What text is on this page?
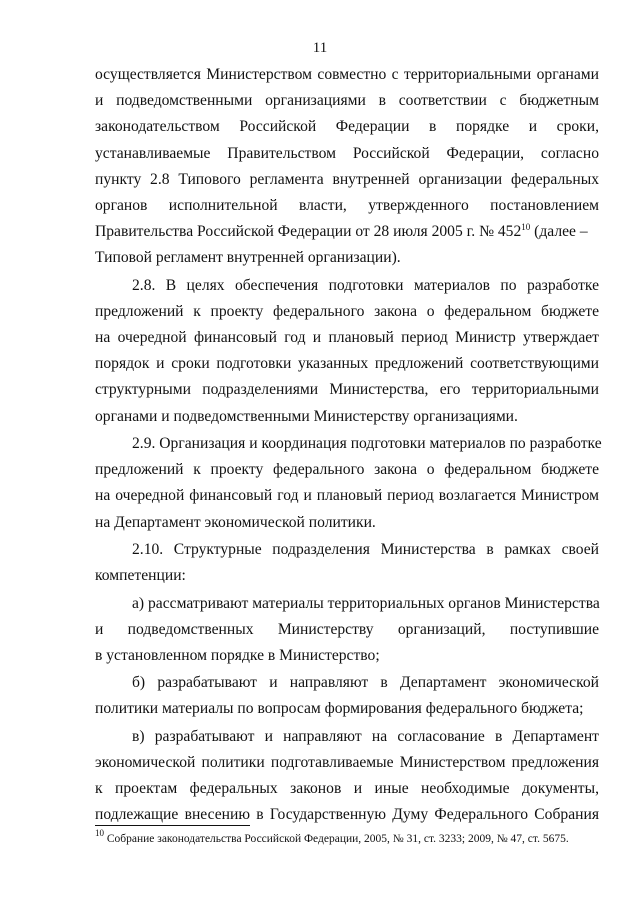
11
осуществляется Министерством совместно с территориальными органами
и подведомственными организациями в соответствии с бюджетным
законодательством Российской Федерации в порядке и сроки,
устанавливаемые Правительством Российской Федерации, согласно
пункту 2.8 Типового регламента внутренней организации федеральных
органов исполнительной власти, утвержденного постановлением
Правительства Российской Федерации от 28 июля 2005 г. № $452^{10}$ (далее –
Типовой регламент внутренней организации).
2.8. В целях обеспечения подготовки материалов по разработке
предложений к проекту федерального закона о федеральном бюджете
на очередной финансовый год и плановый период Министр утверждает
порядок и сроки подготовки указанных предложений соответствующими
структурными подразделениями Министерства, его территориальными
органами и подведомственными Министерству организациями.
2.9. Организация и координация подготовки материалов по разработке
предложений к проекту федерального закона о федеральном бюджете
на очередной финансовый год и плановый период возлагается Министром
на Департамент экономической политики.
2.10. Структурные подразделения Министерства в рамках своей
компетенции:
а) рассматривают материалы территориальных органов Министерства
и подведомственных Министерству организаций, поступившие
в установленном порядке в Министерство;
б) разрабатывают и направляют в Департамент экономической
политики материалы по вопросам формирования федерального бюджета;
в) разрабатывают и направляют на согласование в Департамент
экономической политики подготавливаемые Министерством предложения
к проектам федеральных законов и иные необходимые документы,
подлежащие внесению в Государственную Думу Федерального Собрания
$^{10}$ Собрание законодательства Российской Федерации, 2005, № 31, ст. 3233; 2009, № 47, ст. 5675.
